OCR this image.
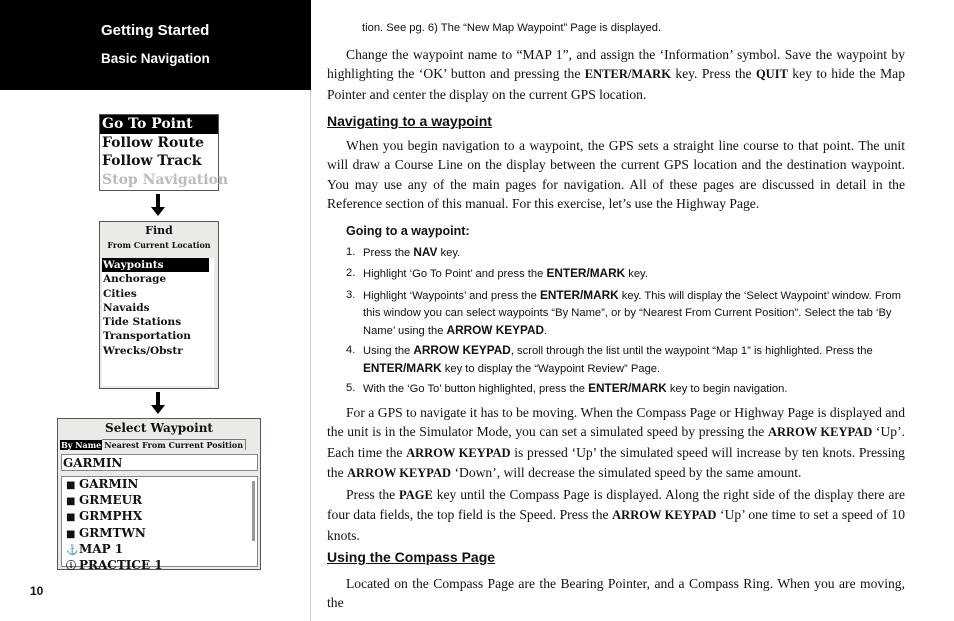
Getting Started
Basic Navigation
10
Go To Point
Follow Route
Follow Track
Stop Navigation
Find
From Current Location
Waypoints
Anchorage
Cities
Navaids
Tide Stations
Transportation
Wrecks/Obstr
Select Waypoint
By Name Nearest From Current Position
GARMIN
■ GARMIN
■ GRMEUR
■ GRMPHX
■ GRMTWN
⚓MAP 1
ⓘ PRACTICE 1
tion. See pg. 6) The “New Map Waypoint” Page is displayed.
Change the waypoint name to “MAP 1”, and assign the ‘Information’ symbol. Save the waypoint by highlighting the ‘OK’ button and pressing the ENTER/MARK key. Press the QUIT key to hide the Map Pointer and center the display on the current GPS location.
Navigating to a waypoint
When you begin navigation to a waypoint, the GPS sets a straight line course to that point. The unit will draw a Course Line on the display between the current GPS location and the destination waypoint. You may use any of the main pages for navigation. All of these pages are discussed in detail in the Reference section of this manual. For this exercise, let’s use the Highway Page.
Going to a waypoint:
1. Press the NAV key.
2. Highlight ‘Go To Point’ and press the ENTER/MARK key.
3. Highlight ‘Waypoints’ and press the ENTER/MARK key. This will display the ‘Select Waypoint’ window. From this window you can select waypoints “By Name”, or by “Nearest From Current Position”. Select the tab ‘By Name’ using the ARROW KEYPAD.
4. Using the ARROW KEYPAD, scroll through the list until the waypoint “Map 1” is highlighted. Press the ENTER/MARK key to display the “Waypoint Review” Page.
5. With the ‘Go To’ button highlighted, press the ENTER/MARK key to begin navigation.
For a GPS to navigate it has to be moving. When the Compass Page or Highway Page is displayed and the unit is in the Simulator Mode, you can set a simulated speed by pressing the ARROW KEYPAD ‘Up’. Each time the ARROW KEYPAD is pressed ‘Up’ the simulated speed will increase by ten knots. Pressing the ARROW KEYPAD ‘Down’, will decrease the simulated speed by the same amount.
Press the PAGE key until the Compass Page is displayed. Along the right side of the display there are four data fields, the top field is the Speed. Press the ARROW KEYPAD ‘Up’ one time to set a speed of 10 knots.
Using the Compass Page
Located on the Compass Page are the Bearing Pointer, and a Compass Ring. When you are moving, the
